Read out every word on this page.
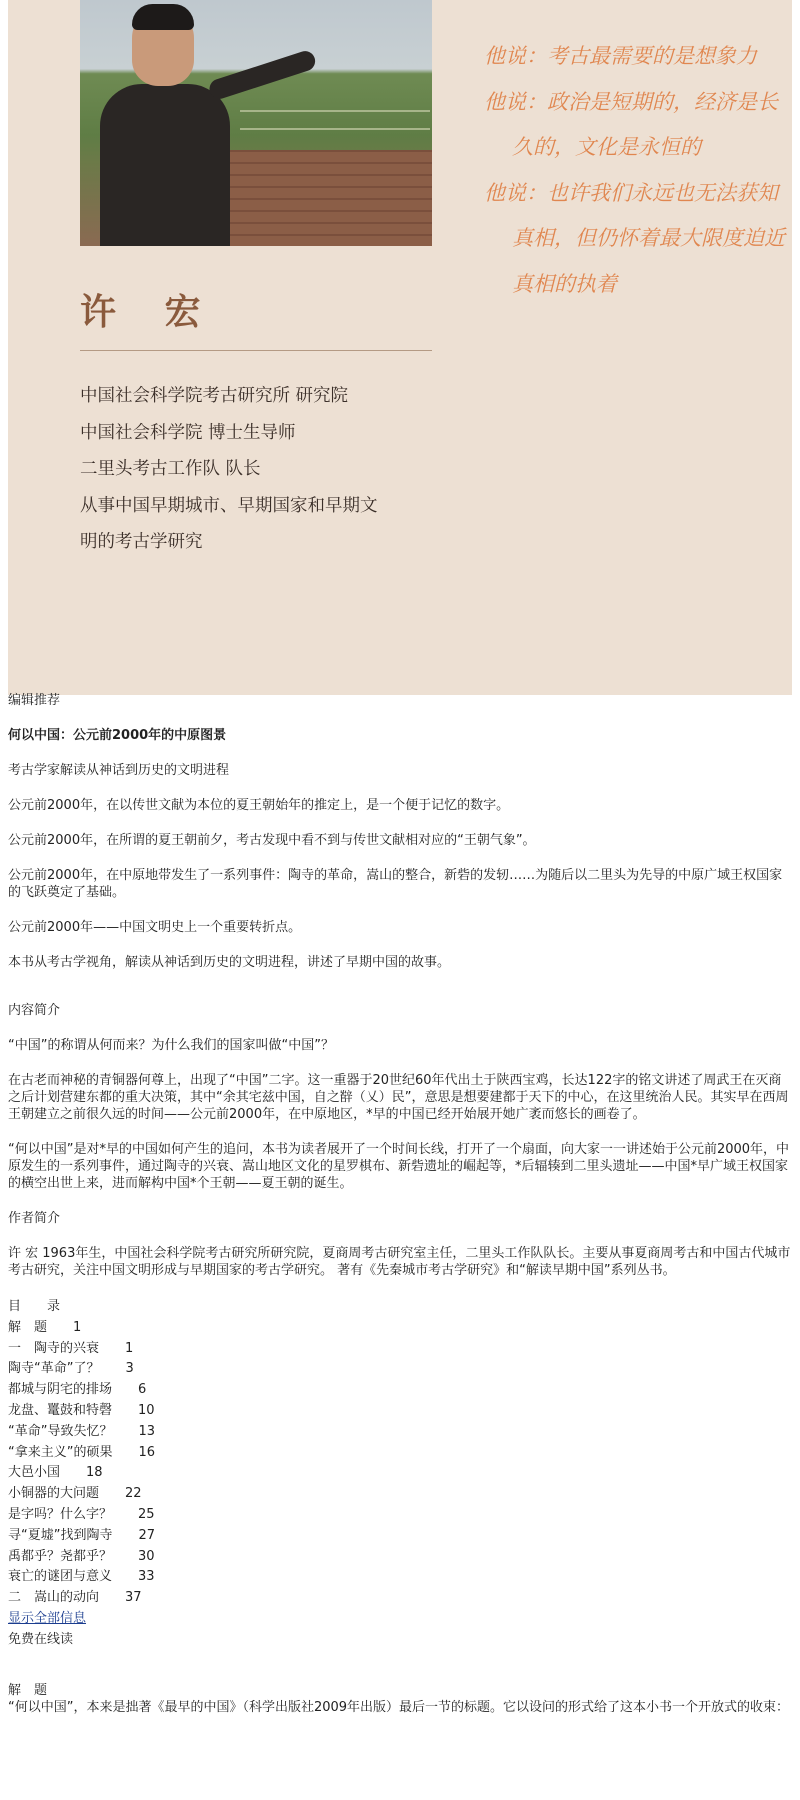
许 宏
中国社会科学院考古研究所 研究院
中国社会科学院 博士生导师
二里头考古工作队 队长
从事中国早期城市、早期国家和早期文
明的考古学研究
他说：考古最需要的是想象力
他说：政治是短期的，经济是长
久的，文化是永恒的
他说：也许我们永远也无法获知
真相，但仍怀着最大限度迫近
真相的执着

编辑推荐

何以中国：公元前2000年的中原图景

考古学家解读从神话到历史的文明进程

公元前2000年，在以传世文献为本位的夏王朝始年的推定上，是一个便于记忆的数字。

公元前2000年，在所谓的夏王朝前夕，考古发现中看不到与传世文献相对应的“王朝气象”。

公元前2000年，在中原地带发生了一系列事件：陶寺的革命，嵩山的整合，新砦的发轫……为随后以二里头为先导的中原广域王权国家的飞跃奠定了基础。

公元前2000年——中国文明史上一个重要转折点。

本书从考古学视角，解读从神话到历史的文明进程，讲述了早期中国的故事。

内容简介

“中国”的称谓从何而来？为什么我们的国家叫做“中国”？

在古老而神秘的青铜器何尊上，出现了“中国”二字。这一重器于20世纪60年代出土于陕西宝鸡，长达122字的铭文讲述了周武王在灭商之后计划营建东都的重大决策，其中“余其宅兹中国，自之辥（乂）民”，意思是想要建都于天下的中心，在这里统治人民。其实早在西周王朝建立之前很久远的时间——公元前2000年，在中原地区，*早的中国已经开始展开她广袤而悠长的画卷了。

“何以中国”是对*早的中国如何产生的追问，本书为读者展开了一个时间长线，打开了一个扇面，向大家一一讲述始于公元前2000年，中原发生的一系列事件，通过陶寺的兴衰、嵩山地区文化的星罗棋布、新砦遗址的崛起等，*后辐辏到二里头遗址——中国*早广域王权国家的横空出世上来，进而解构中国*个王朝——夏王朝的诞生。

作者简介

许 宏 1963年生，中国社会科学院考古研究所研究院，夏商周考古研究室主任，二里头工作队队长。主要从事夏商周考古和中国古代城市考古研究，关注中国文明形成与早期国家的考古学研究。 著有《先秦城市考古学研究》和“解读早期中国”系列丛书。

目　　录
解　题　　1
一　陶寺的兴衰　　1
陶寺“革命”了？　　3
都城与阴宅的排场　　6
龙盘、鼍鼓和特磬　　10
“革命”导致失忆？　　13
“拿来主义”的硕果　　16
大邑小国　　18
小铜器的大问题　　22
是字吗？什么字？　　25
寻“夏墟”找到陶寺　　27
禹都乎？尧都乎？　　30
衰亡的谜团与意义　　33
二　嵩山的动向　　37
显示全部信息
免费在线读

解　题

“何以中国”，本来是拙著《最早的中国》（科学出版社2009年出版）最后一节的标题。它以设问的形式给了这本小书一个开放式的收束：
